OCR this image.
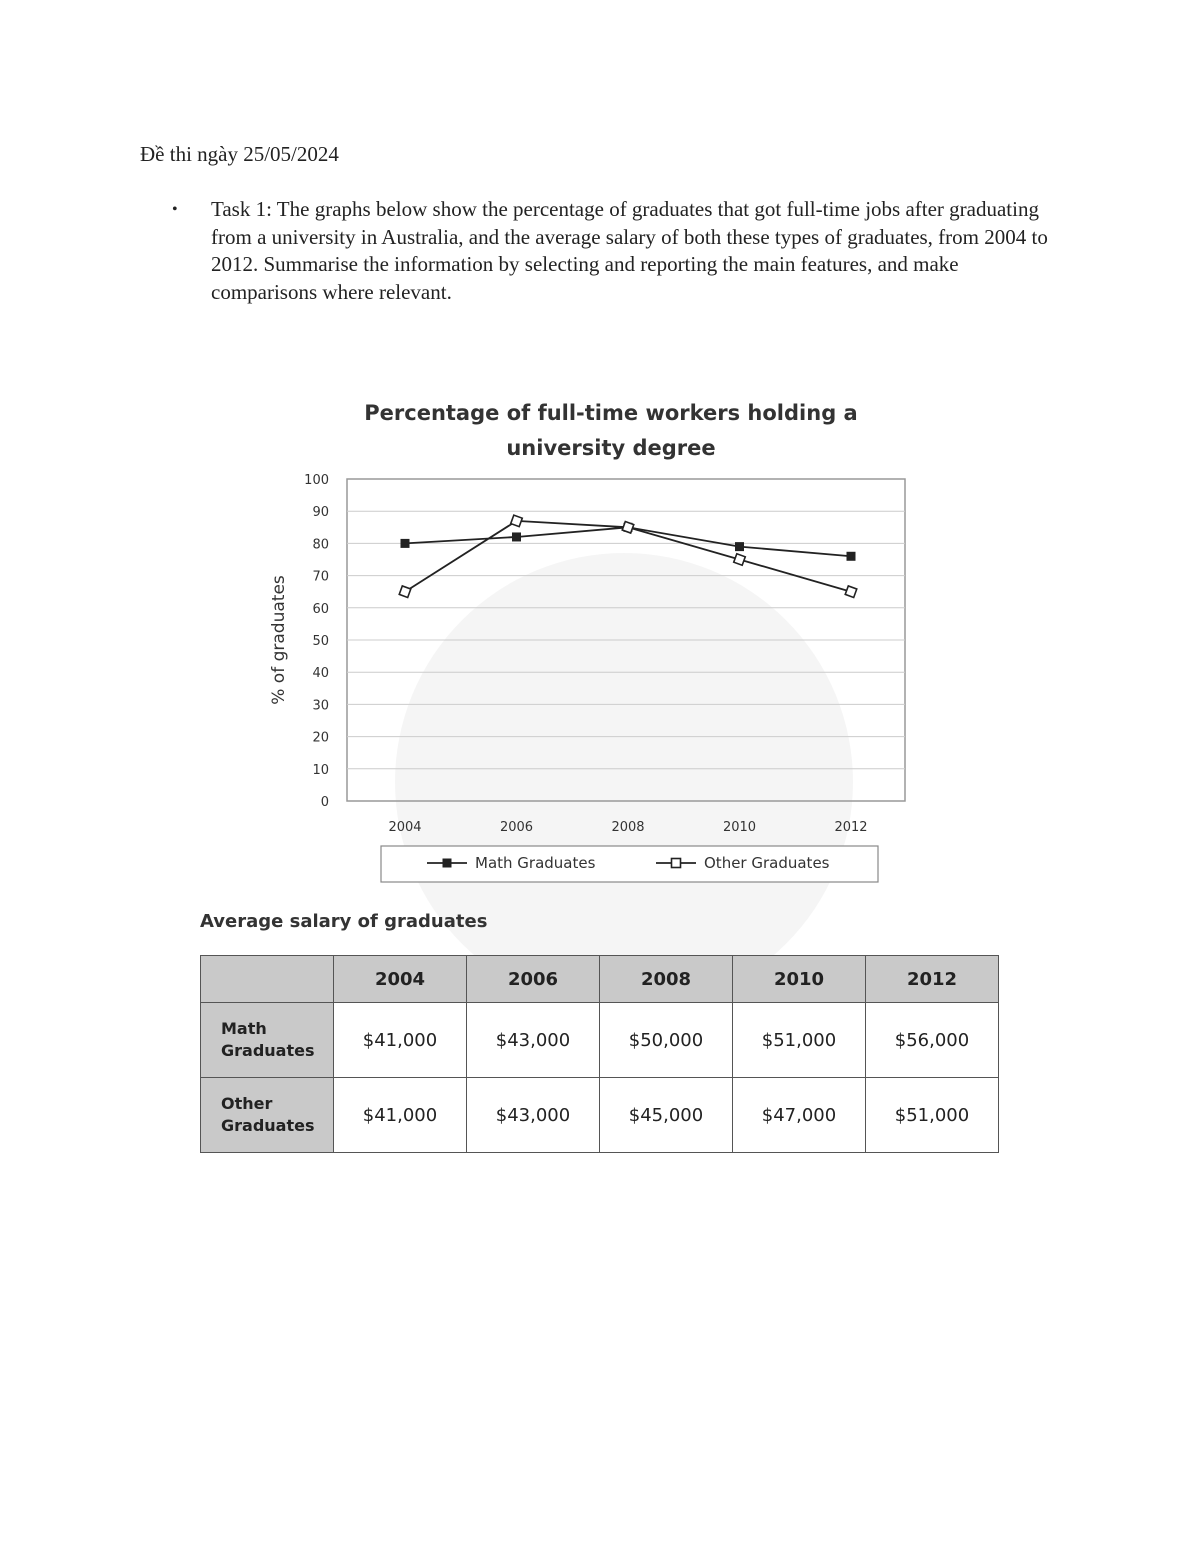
Đề thi ngày 25/05/2024
•	Task 1: The graphs below show the percentage of graduates that got full-time jobs after graduating from a university in Australia, and the average salary of both these types of graduates, from 2004 to 2012. Summarise the information by selecting and reporting the main features, and make comparisons where relevant.
Percentage of full-time workers holding a
university degree
0
10
20
30
40
50
60
70
80
90
100
2004	2006	2008	2010	2012
% of graduates
Math Graduates	Other Graduates
Average salary of graduates
	2004	2006	2008	2010	2012

Math
Graduates	$41,000	$43,000	$50,000	$51,000	$56,000

Other
Graduates	$41,000	$43,000	$45,000	$47,000	$51,000
